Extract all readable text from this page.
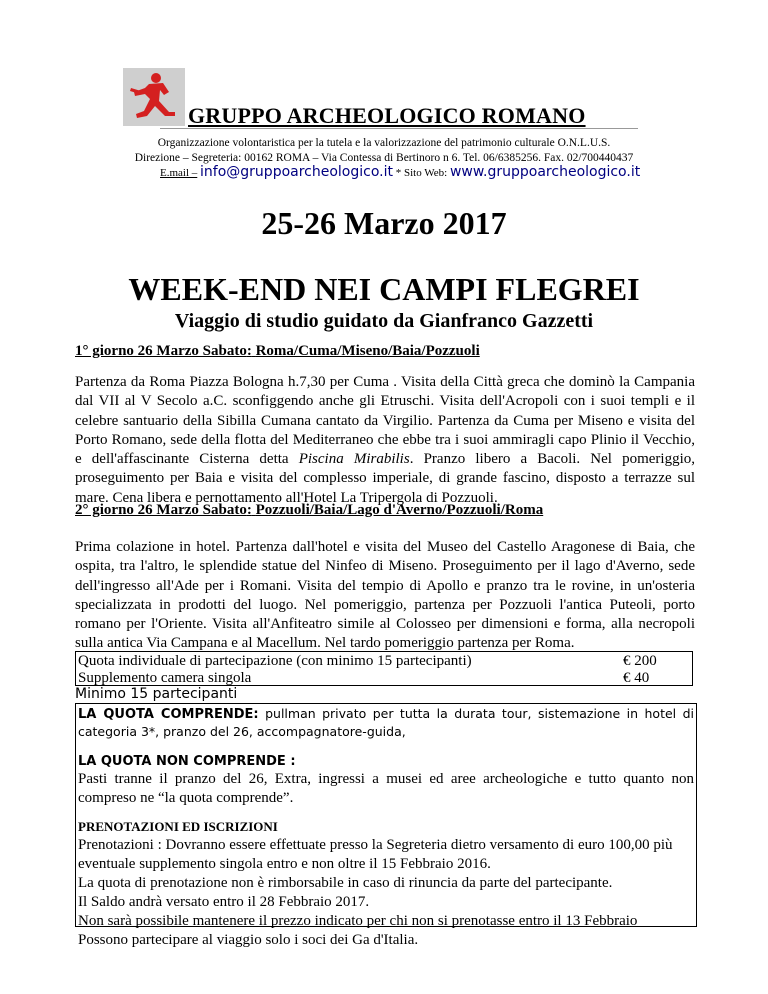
GRUPPO ARCHEOLOGICO ROMANO
Organizzazione volontaristica per la tutela e la valorizzazione del patrimonio culturale O.N.L.U.S.
Direzione – Segreteria: 00162 ROMA – Via Contessa di Bertinoro n 6. Tel. 06/6385256. Fax. 02/700440437
E.mail – info@gruppoarcheologico.it * Sito Web: www.gruppoarcheologico.it
25-26 Marzo 2017
WEEK-END NEI CAMPI FLEGREI
Viaggio di studio guidato da Gianfranco Gazzetti
1° giorno 26 Marzo Sabato: Roma/Cuma/Miseno/Baia/Pozzuoli

Partenza da Roma Piazza Bologna h.7,30 per Cuma . Visita della Città greca che dominò la Campania dal VII al V Secolo a.C. sconfiggendo anche gli Etruschi. Visita dell'Acropoli con i suoi templi e il celebre santuario della Sibilla Cumana cantato da Virgilio. Partenza da Cuma per Miseno e visita del Porto Romano, sede della flotta del Mediterraneo che ebbe tra i suoi ammiragli capo Plinio il Vecchio, e dell'affascinante Cisterna detta Piscina Mirabilis. Pranzo libero a Bacoli. Nel pomeriggio, proseguimento per Baia e visita del complesso imperiale, di grande fascino, disposto a terrazze sul mare. Cena libera e pernottamento all'Hotel La Tripergola di Pozzuoli.

2° giorno 26 Marzo Sabato: Pozzuoli/Baia/Lago d'Averno/Pozzuoli/Roma

Prima colazione in hotel. Partenza dall'hotel e visita del Museo del Castello Aragonese di Baia, che ospita, tra l'altro, le splendide statue del Ninfeo di Miseno. Proseguimento per il lago d'Averno, sede dell'ingresso all'Ade per i Romani. Visita del tempio di Apollo e pranzo tra le rovine, in un'osteria specializzata in prodotti del luogo. Nel pomeriggio, partenza per Pozzuoli l'antica Puteoli, porto romano per l'Oriente. Visita all'Anfiteatro simile al Colosseo per dimensioni e forma, alla necropoli sulla antica Via Campana e al Macellum. Nel tardo pomeriggio partenza per Roma.

Quota individuale di partecipazione (con minimo 15 partecipanti)	€ 200
Supplemento camera singola	€ 40
Minimo 15 partecipanti

LA QUOTA COMPRENDE: pullman privato per tutta la durata tour, sistemazione in hotel di categoria 3*, pranzo del 26, accompagnatore-guida,

LA QUOTA NON COMPRENDE :

Pasti tranne il pranzo del 26, Extra, ingressi a musei ed aree archeologiche e tutto quanto non compreso ne “la quota comprende”.

PRENOTAZIONI ED ISCRIZIONI

Prenotazioni : Dovranno essere effettuate presso la Segreteria dietro versamento di euro 100,00 più

eventuale supplemento singola entro e non oltre il 15 Febbraio 2016.

La quota di prenotazione non è rimborsabile in caso di rinuncia da parte del partecipante.

Il Saldo andrà versato entro il 28 Febbraio 2017.

Non sarà possibile mantenere il prezzo indicato per chi non si prenotasse entro il 13 Febbraio

Possono partecipare al viaggio solo i soci dei Ga d'Italia.
